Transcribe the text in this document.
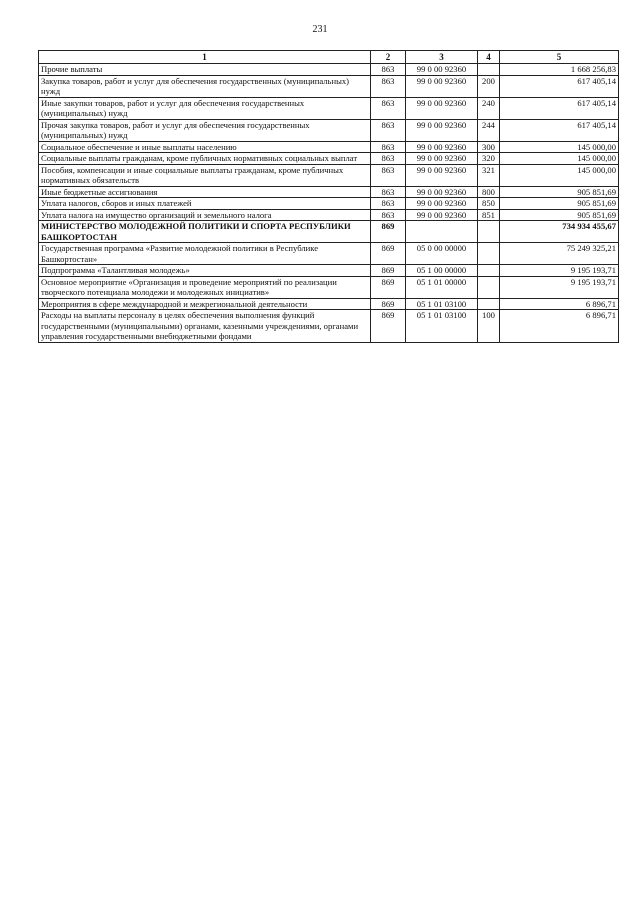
231
1	2	3	4	5
Прочие выплаты	863	99 0 00 92360		1 668 256,83
Закупка товаров, работ и услуг для обеспечения государственных (муниципальных) нужд	863	99 0 00 92360	200	617 405,14
Иные закупки товаров, работ и услуг для обеспечения государственных (муниципальных) нужд	863	99 0 00 92360	240	617 405,14
Прочая закупка товаров, работ и услуг для обеспечения государственных (муниципальных) нужд	863	99 0 00 92360	244	617 405,14
Социальное обеспечение и иные выплаты населению	863	99 0 00 92360	300	145 000,00
Социальные выплаты гражданам, кроме публичных нормативных социальных выплат	863	99 0 00 92360	320	145 000,00
Пособия, компенсации и иные социальные выплаты гражданам, кроме публичных нормативных обязательств	863	99 0 00 92360	321	145 000,00
Иные бюджетные ассигнования	863	99 0 00 92360	800	905 851,69
Уплата налогов, сборов и иных платежей	863	99 0 00 92360	850	905 851,69
Уплата налога на имущество организаций и земельного налога	863	99 0 00 92360	851	905 851,69
МИНИСТЕРСТВО МОЛОДЕЖНОЙ ПОЛИТИКИ И СПОРТА РЕСПУБЛИКИ БАШКОРТОСТАН	869			734 934 455,67
Государственная программа «Развитие молодежной политики в Республике Башкортостан»	869	05 0 00 00000		75 249 325,21
Подпрограмма «Талантливая молодежь»	869	05 1 00 00000		9 195 193,71
Основное мероприятие «Организация и проведение мероприятий по реализации творческого потенциала молодежи и молодежных инициатив»	869	05 1 01 00000		9 195 193,71
Мероприятия в сфере международной и межрегиональной деятельности	869	05 1 01 03100		6 896,71
Расходы на выплаты персоналу в целях обеспечения выполнения функций государственными (муниципальными) органами, казенными учреждениями, органами управления государственными внебюджетными фондами	869	05 1 01 03100	100	6 896,71
